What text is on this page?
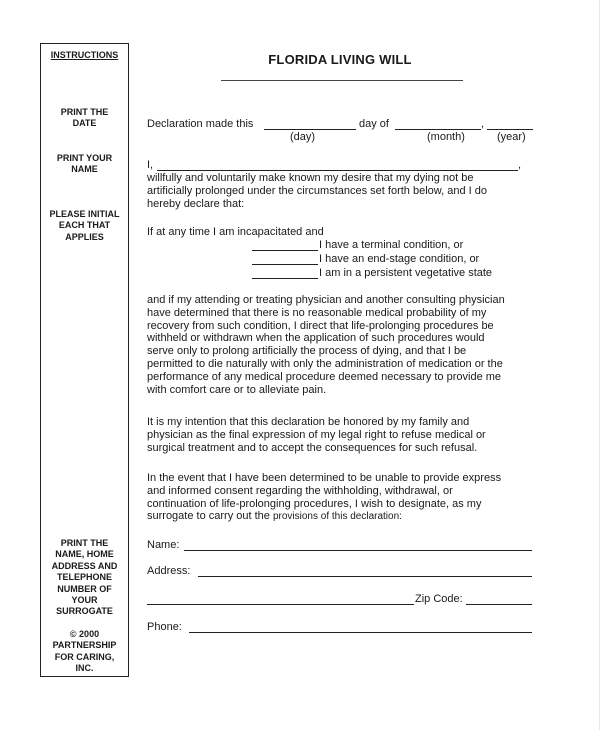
INSTRUCTIONS
PRINT THE
DATE
PRINT YOUR
NAME
PLEASE INITIAL
EACH THAT
APPLIES
PRINT THE
NAME, HOME
ADDRESS AND
TELEPHONE
NUMBER OF
YOUR
SURROGATE
© 2000
PARTNERSHIP
FOR CARING,
INC.
FLORIDA LIVING WILL
Declaration made this	day of	,
(day)	(month)	(year)
I,	,
willfully and voluntarily make known my desire that my dying not be
artificially prolonged under the circumstances set forth below, and I do
hereby declare that:
If at any time I am incapacitated and
I have a terminal condition, or
I have an end-stage condition, or
I am in a persistent vegetative state
and if my attending or treating physician and another consulting physician
have determined that there is no reasonable medical probability of my
recovery from such condition, I direct that life-prolonging procedures be
withheld or withdrawn when the application of such procedures would
serve only to prolong artificially the process of dying, and that I be
permitted to die naturally with only the administration of medication or the
performance of any medical procedure deemed necessary to provide me
with comfort care or to alleviate pain.
It is my intention that this declaration be honored by my family and
physician as the final expression of my legal right to refuse medical or
surgical treatment and to accept the consequences for such refusal.
In the event that I have been determined to be unable to provide express
and informed consent regarding the withholding, withdrawal, or
continuation of life-prolonging procedures, I wish to designate, as my
surrogate to carry out the provisions of this declaration:
Name:
Address:
Zip Code:
Phone:
